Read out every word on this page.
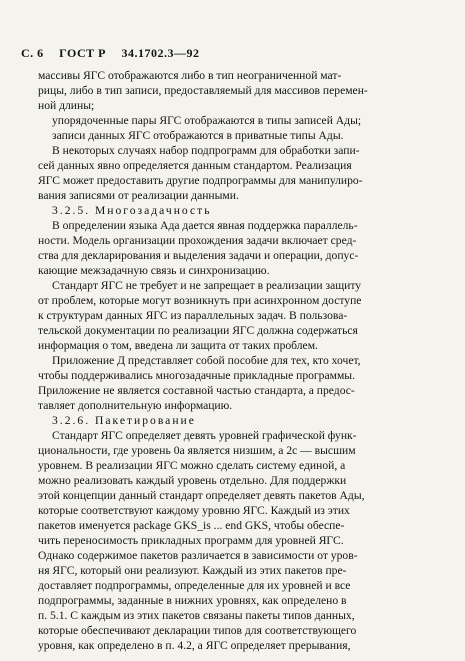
С. 6 ГОСТ Р 34.1702.3—92
массивы ЯГС отображаются либо в тип неограниченной мат-
рицы, либо в тип записи, предоставляемый для массивов перемен-
ной длины;
упорядоченные пары ЯГС отображаются в типы записей Ады;
записи данных ЯГС отображаются в приватные типы Ады.
В некоторых случаях набор подпрограмм для обработки запи-
сей данных явно определяется данным стандартом. Реализация
ЯГС может предоставить другие подпрограммы для манипулиро-
вания записями от реализации данными.
3.2.5. Многозадачность
В определении языка Ада дается явная поддержка параллель-
ности. Модель организации прохождения задачи включает сред-
ства для декларирования и выделения задачи и операции, допус-
кающие межзадачную связь и синхронизацию.
Стандарт ЯГС не требует и не запрещает в реализации защиту
от проблем, которые могут возникнуть при асинхронном доступе
к структурам данных ЯГС из параллельных задач. В пользова-
тельской документации по реализации ЯГС должна содержаться
информация о том, введена ли защита от таких проблем.
Приложение Д представляет собой пособие для тех, кто хочет,
чтобы поддерживались многозадачные прикладные программы.
Приложение не является составной частью стандарта, а предос-
тавляет дополнительную информацию.
3.2.6. Пакетирование
Стандарт ЯГС определяет девять уровней графической функ-
циональности, где уровень 0a является низшим, а 2с — высшим
уровнем. В реализации ЯГС можно сделать систему единой, а
можно реализовать каждый уровень отдельно. Для поддержки
этой концепции данный стандарт определяет девять пакетов Ады,
которые соответствуют каждому уровню ЯГС. Каждый из этих
пакетов именуется package GKS_is ... end GKS, чтобы обеспе-
чить переносимость прикладных программ для уровней ЯГС.
Однако содержимое пакетов различается в зависимости от уров-
ня ЯГС, который они реализуют. Каждый из этих пакетов пре-
доставляет подпрограммы, определенные для их уровней и все
подпрограммы, заданные в нижних уровнях, как определено в
п. 5.1. С каждым из этих пакетов связаны пакеты типов данных,
которые обеспечивают декларации типов для соответствующего
уровня, как определено в п. 4.2, а ЯГС определяет прерывания,
